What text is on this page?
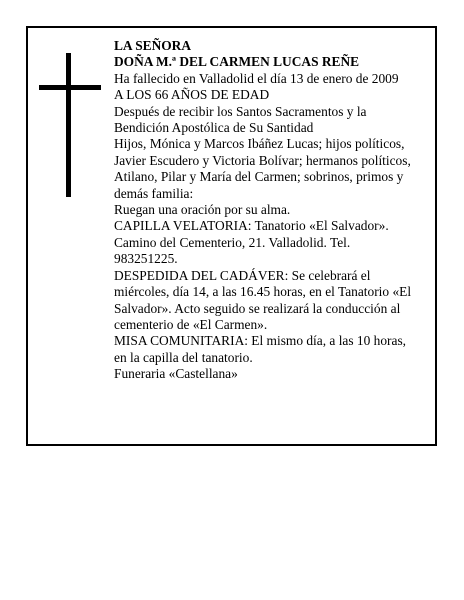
LA SEÑORA
DOÑA M.ª DEL CARMEN LUCAS REÑE
Ha fallecido en Valladolid el día 13 de enero de 2009
A LOS 66 AÑOS DE EDAD
Después de recibir los Santos Sacramentos y la
Bendición Apostólica de Su Santidad
Hijos, Mónica y Marcos Ibáñez Lucas; hijos políticos,
Javier Escudero y Victoria Bolívar; hermanos políticos,
Atilano, Pilar y María del Carmen; sobrinos, primos y
demás familia:
Ruegan una oración por su alma.
CAPILLA VELATORIA: Tanatorio «El Salvador».
Camino del Cementerio, 21. Valladolid. Tel.
983251225.
DESPEDIDA DEL CADÁVER: Se celebrará el
miércoles, día 14, a las 16.45 horas, en el Tanatorio «El
Salvador». Acto seguido se realizará la conducción al
cementerio de «El Carmen».
MISA COMUNITARIA: El mismo día, a las 10 horas,
en la capilla del tanatorio.
Funeraria «Castellana»
